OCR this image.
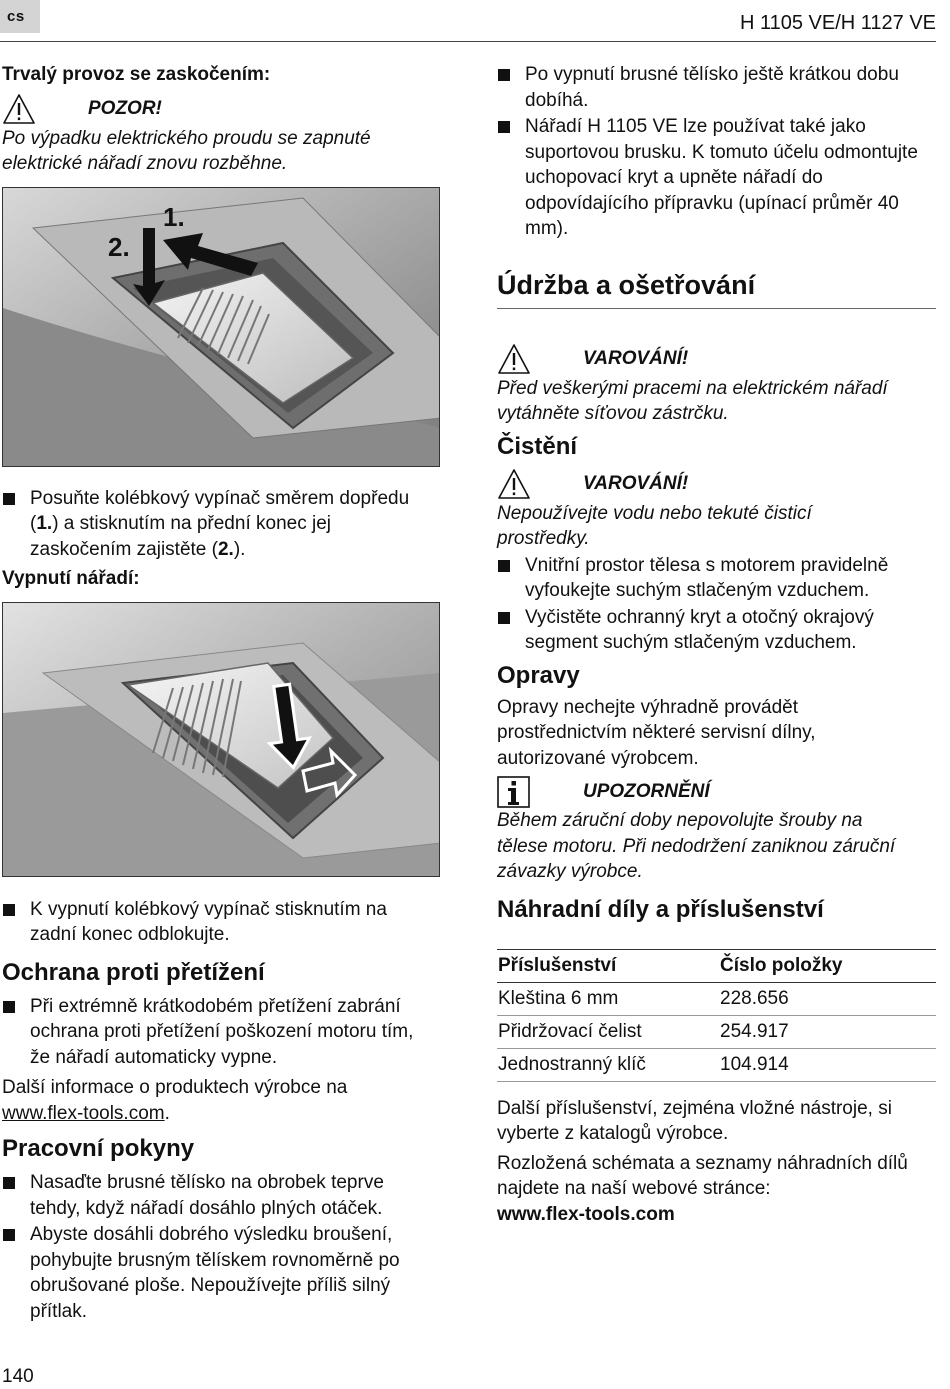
cs	H 1105 VE/H 1127 VE
Trvalý provoz se zaskočením:
POZOR!
Po výpadku elektrického proudu se zapnuté elektrické nářadí znovu rozběhne.
1.
2.
Posuňte kolébkový vypínač směrem dopředu (1.) a stisknutím na přední konec jej zaskočením zajistěte (2.).
Vypnutí nářadí:
K vypnutí kolébkový vypínač stisknutím na zadní konec odblokujte.
Ochrana proti přetížení
Při extrémně krátkodobém přetížení zabrání ochrana proti přetížení poškození motoru tím, že nářadí automaticky vypne.
Další informace o produktech výrobce na www.flex-tools.com.
Pracovní pokyny
Nasaďte brusné tělísko na obrobek teprve tehdy, když nářadí dosáhlo plných otáček.
Abyste dosáhli dobrého výsledku broušení, pohybujte brusným tělískem rovnoměrně po obrušované ploše. Nepoužívejte příliš silný přítlak.
Po vypnutí brusné tělísko ještě krátkou dobu dobíhá.
Nářadí H 1105 VE lze používat také jako suportovou brusku. K tomuto účelu odmontujte uchopovací kryt a upněte nářadí do odpovídajícího přípravku (upínací průměr 40 mm).
Údržba a ošetřování
VAROVÁNÍ!
Před veškerými pracemi na elektrickém nářadí vytáhněte síťovou zástrčku.
Čistění
VAROVÁNÍ!
Nepoužívejte vodu nebo tekuté čisticí prostředky.
Vnitřní prostor tělesa s motorem pravidelně vyfoukejte suchým stlačeným vzduchem.
Vyčistěte ochranný kryt a otočný okrajový segment suchým stlačeným vzduchem.
Opravy
Opravy nechejte výhradně provádět prostřednictvím některé servisní dílny, autorizované výrobcem.
UPOZORNĚNÍ
Během záruční doby nepovolujte šrouby na tělese motoru. Při nedodržení zaniknou záruční závazky výrobce.
Náhradní díly a příslušenství
Příslušenství	Číslo položky
Kleština 6 mm	228.656
Přidržovací čelist	254.917
Jednostranný klíč	104.914
Další příslušenství, zejména vložné nástroje, si vyberte z katalogů výrobce.
Rozložená schémata a seznamy náhradních dílů najdete na naší webové stránce:
www.flex-tools.com
140
